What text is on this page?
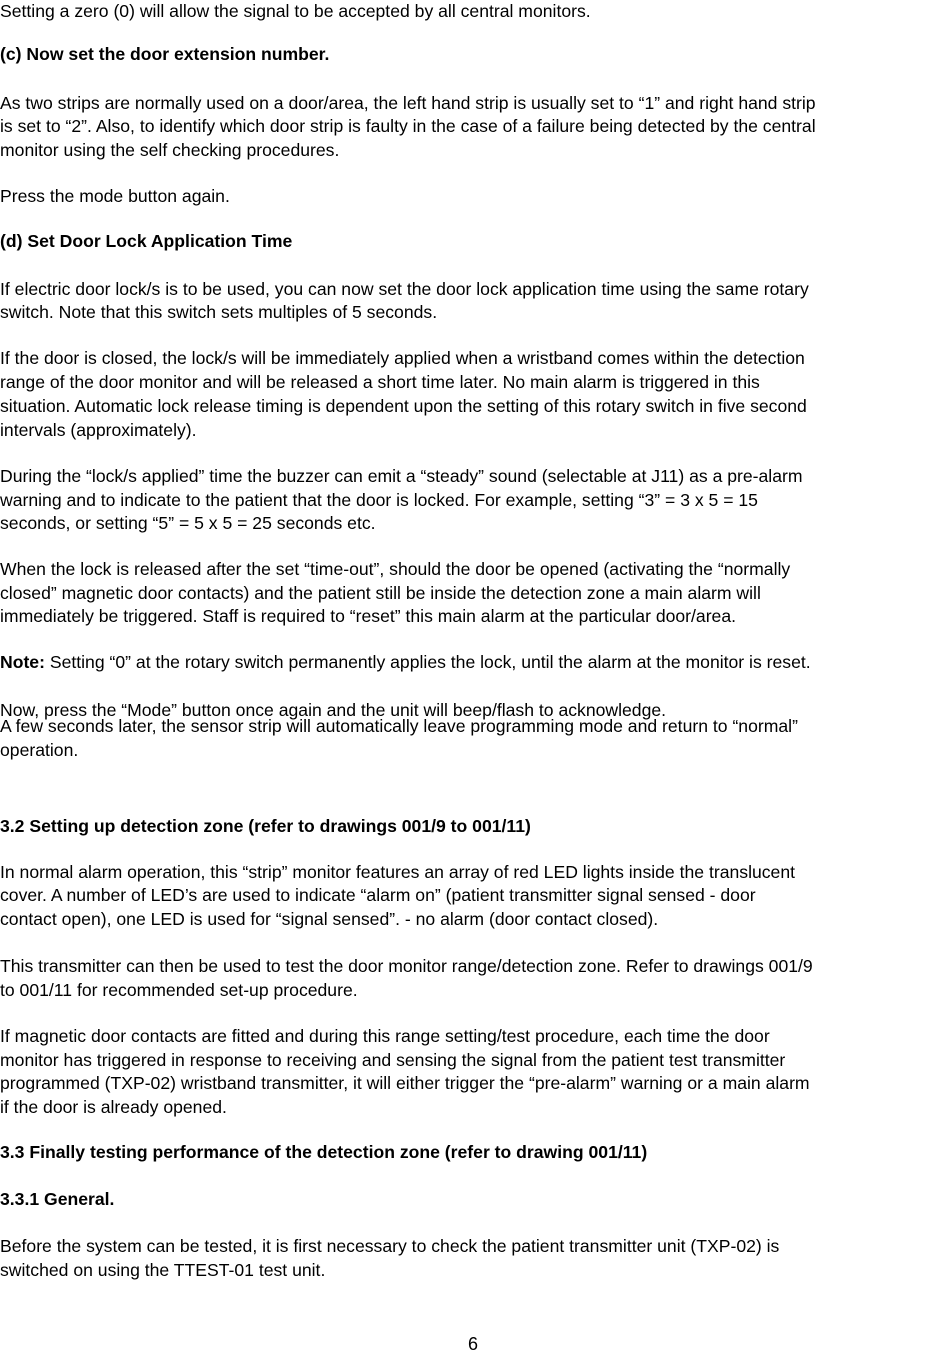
Setting a zero (0) will allow the signal to be accepted by all central monitors.
(c) Now set the door extension number.
As two strips are normally used on a door/area, the left hand strip is usually set to “1” and right hand strip
is set to “2”. Also, to identify which door strip is faulty in the case of a failure being detected by the central
monitor using the self checking procedures.
Press the mode button again.
(d) Set Door Lock Application Time
If electric door lock/s is to be used, you can now set the door lock application time using the same rotary
switch. Note that this switch sets multiples of 5 seconds.
If the door is closed, the lock/s will be immediately applied when a wristband comes within the detection
range of the door monitor and will be released a short time later. No main alarm is triggered in this
situation. Automatic lock release timing is dependent upon the setting of this rotary switch in five second
intervals (approximately).
During the “lock/s applied” time the buzzer can emit a “steady” sound (selectable at J11) as a pre-alarm
warning and to indicate to the patient that the door is locked. For example, setting “3” = 3 x 5 = 15
seconds, or setting “5” = 5 x 5 = 25 seconds etc.
When the lock is released after the set “time-out”, should the door be opened (activating the “normally
closed” magnetic door contacts) and the patient still be inside the detection zone a main alarm will
immediately be triggered. Staff is required to “reset” this main alarm at the particular door/area.
Note: Setting “0” at the rotary switch permanently applies the lock, until the alarm at the monitor is reset.
Now, press the “Mode” button once again and the unit will beep/flash to acknowledge.
A few seconds later, the sensor strip will automatically leave programming mode and return to “normal”
operation.
3.2 Setting up detection zone (refer to drawings 001/9 to 001/11)
In normal alarm operation, this “strip” monitor features an array of red LED lights inside the translucent
cover. A number of LED’s are used to indicate “alarm on” (patient transmitter signal sensed - door
contact open), one LED is used for “signal sensed”. - no alarm (door contact closed).
This transmitter can then be used to test the door monitor range/detection zone. Refer to drawings 001/9
to 001/11 for recommended set-up procedure.
If magnetic door contacts are fitted and during this range setting/test procedure, each time the door
monitor has triggered in response to receiving and sensing the signal from the patient test transmitter
programmed (TXP-02) wristband transmitter, it will either trigger the “pre-alarm” warning or a main alarm
if the door is already opened.
3.3 Finally testing performance of the detection zone (refer to drawing 001/11)
3.3.1 General.
Before the system can be tested, it is first necessary to check the patient transmitter unit (TXP-02) is
switched on using the TTEST-01 test unit.
6
